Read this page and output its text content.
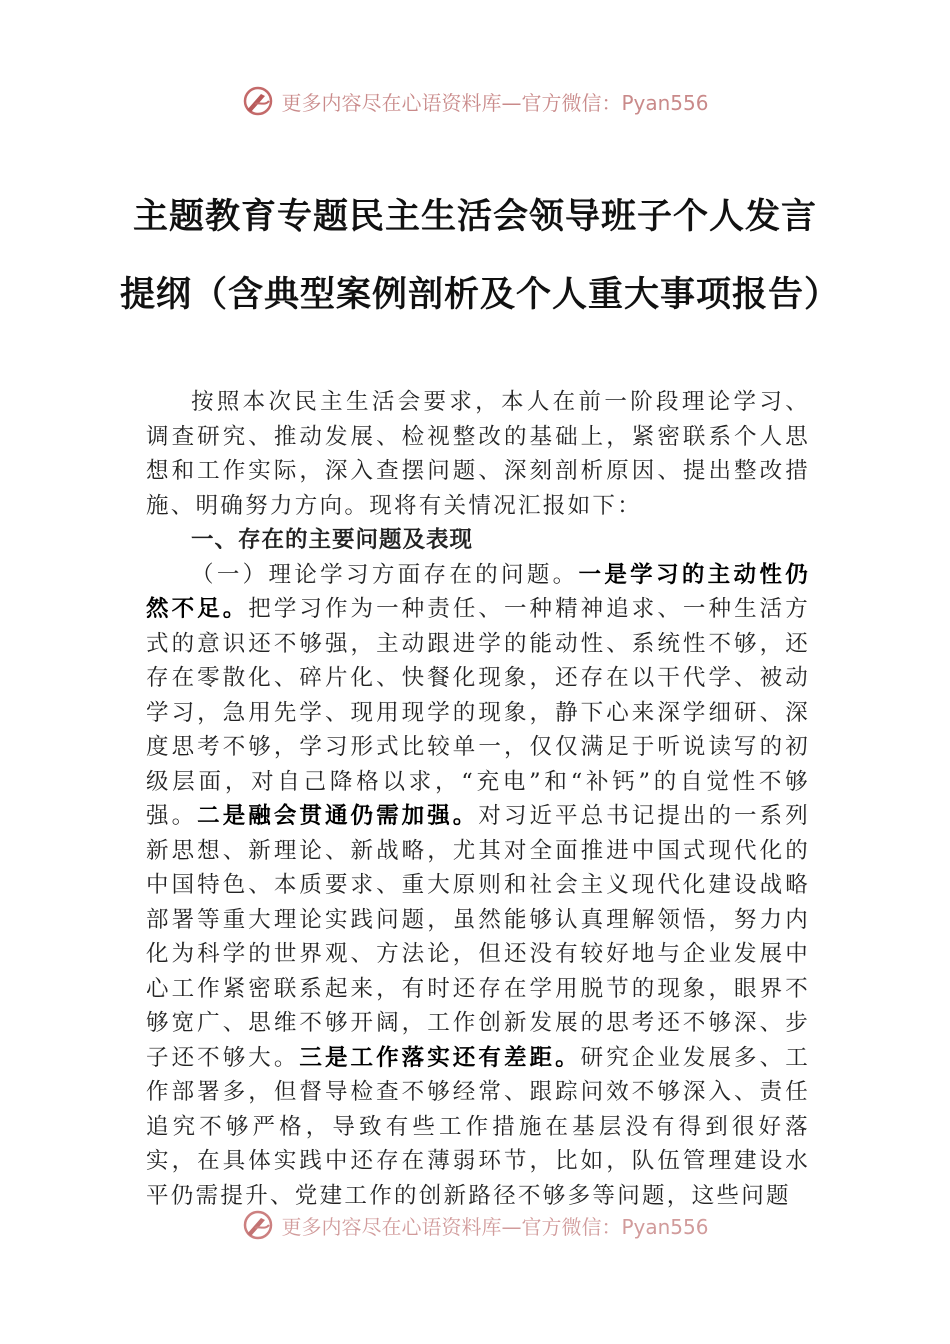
更多内容尽在心语资料库—官方微信：Pyan556
主题教育专题民主生活会领导班子个人发言提纲（含典型案例剖析及个人重大事项报告）

按照本次民主生活会要求，本人在前一阶段理论学习、调查研究、推动发展、检视整改的基础上，紧密联系个人思想和工作实际，深入查摆问题、深刻剖析原因、提出整改措施、明确努力方向。现将有关情况汇报如下：

一、存在的主要问题及表现

（一）理论学习方面存在的问题。一是学习的主动性仍然不足。把学习作为一种责任、一种精神追求、一种生活方式的意识还不够强，主动跟进学的能动性、系统性不够，还存在零散化、碎片化、快餐化现象，还存在以干代学、被动学习，急用先学、现用现学的现象，静下心来深学细研、深度思考不够，学习形式比较单一，仅仅满足于听说读写的初级层面，对自己降格以求，“充电”和“补钙”的自觉性不够强。二是融会贯通仍需加强。对习近平总书记提出的一系列新思想、新理论、新战略，尤其对全面推进中国式现代化的中国特色、本质要求、重大原则和社会主义现代化建设战略部署等重大理论实践问题，虽然能够认真理解领悟，努力内化为科学的世界观、方法论，但还没有较好地与企业发展中心工作紧密联系起来，有时还存在学用脱节的现象，眼界不够宽广、思维不够开阔，工作创新发展的思考还不够深、步子还不够大。三是工作落实还有差距。研究企业发展多、工作部署多，但督导检查不够经常、跟踪问效不够深入、责任追究不够严格，导致有些工作措施在基层没有得到很好落实，在具体实践中还存在薄弱环节，比如，队伍管理建设水平仍需提升、党建工作的创新路径不够多等问题，这些问题

更多内容尽在心语资料库—官方微信：Pyan556
